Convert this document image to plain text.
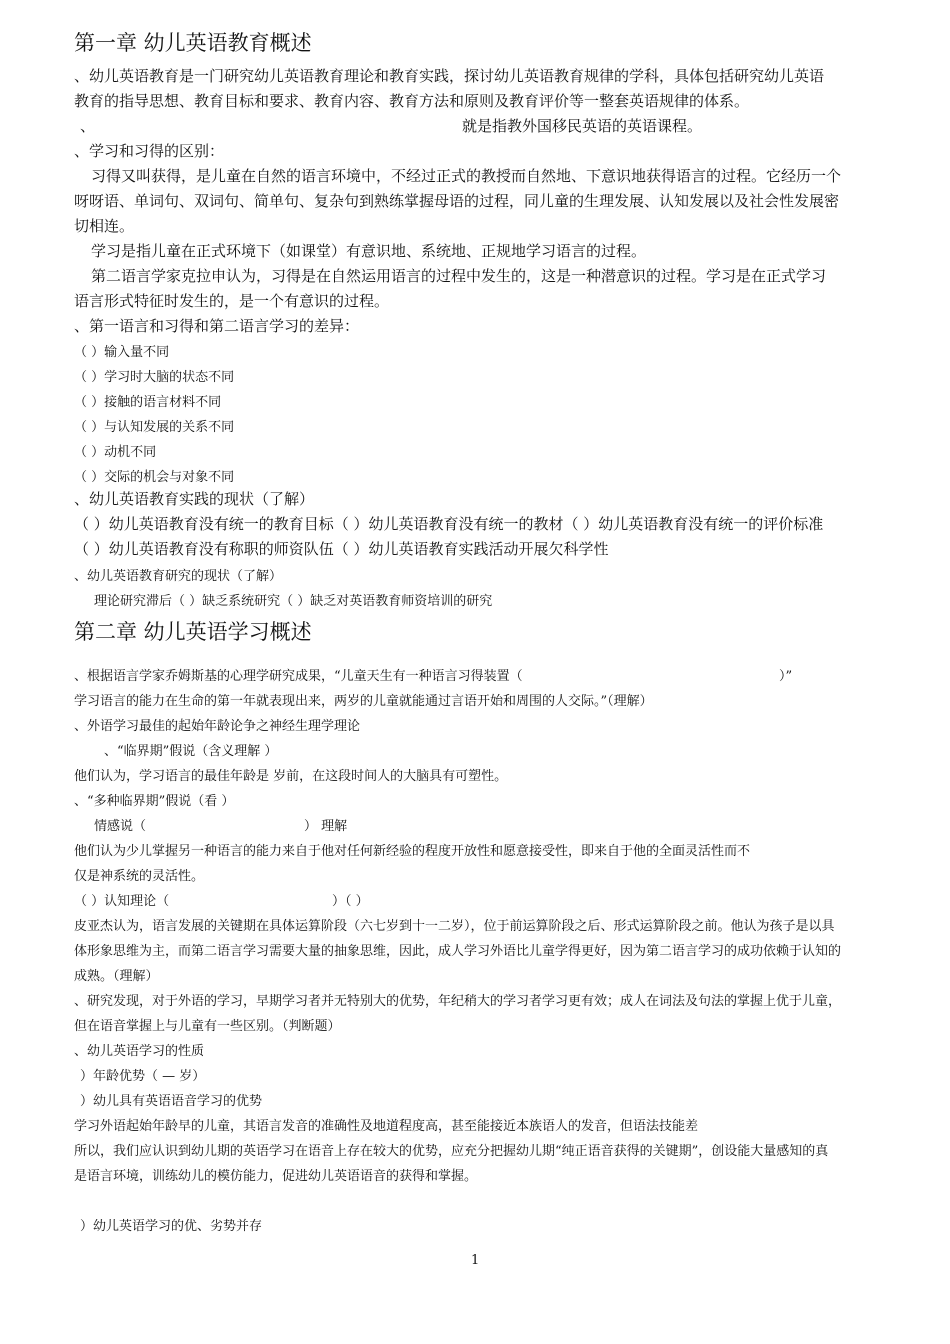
第一章 幼儿英语教育概述
、幼儿英语教育是一门研究幼儿英语教育理论和教育实践，探讨幼儿英语教育规律的学科，具体包括研究幼儿英语
教育的指导思想、教育目标和要求、教育内容、教育方法和原则及教育评价等一整套英语规律的体系。
、	就是指教外国移民英语的英语课程。
、学习和习得的区别：
习得又叫获得，是儿童在自然的语言环境中，不经过正式的教授而自然地、下意识地获得语言的过程。它经历一个
呀呀语、单词句、双词句、简单句、复杂句到熟练掌握母语的过程，同儿童的生理发展、认知发展以及社会性发展密
切相连。
学习是指儿童在正式环境下（如课堂）有意识地、系统地、正规地学习语言的过程。
第二语言学家克拉申认为，习得是在自然运用语言的过程中发生的，这是一种潜意识的过程。学习是在正式学习
语言形式特征时发生的，是一个有意识的过程。
、第一语言和习得和第二语言学习的差异：
（ ）输入量不同
（ ）学习时大脑的状态不同
（ ）接触的语言材料不同
（ ）与认知发展的关系不同
（ ）动机不同
（ ）交际的机会与对象不同
、幼儿英语教育实践的现状（了解）
（ ）幼儿英语教育没有统一的教育目标（ ）幼儿英语教育没有统一的教材（ ）幼儿英语教育没有统一的评价标准
（ ）幼儿英语教育没有称职的师资队伍（ ）幼儿英语教育实践活动开展欠科学性
、幼儿英语教育研究的现状（了解）
理论研究滞后（ ）缺乏系统研究（ ）缺乏对英语教育师资培训的研究
第二章 幼儿英语学习概述
、根据语言学家乔姆斯基的心理学研究成果，“儿童天生有一种语言习得装置（	）”
学习语言的能力在生命的第一年就表现出来，两岁的儿童就能通过言语开始和周围的人交际。”（理解）
、外语学习最佳的起始年龄论争之神经生理学理论
、“临界期”假说（含义理解 ）
他们认为，学习语言的最佳年龄是 岁前，在这段时间人的大脑具有可塑性。
、“多种临界期”假说（看 ）
情感说（	） 理解
他们认为少儿掌握另一种语言的能力来自于他对任何新经验的程度开放性和愿意接受性，即来自于他的全面灵活性而不
仅是神系统的灵活性。
（ ）认知理论（	）（ ）
皮亚杰认为，语言发展的关键期在具体运算阶段（六七岁到十一二岁），位于前运算阶段之后、形式运算阶段之前。他认为孩子是以具
体形象思维为主，而第二语言学习需要大量的抽象思维，因此，成人学习外语比儿童学得更好，因为第二语言学习的成功依赖于认知的
成熟。（理解）
、研究发现，对于外语的学习，早期学习者并无特别大的优势，年纪稍大的学习者学习更有效；成人在词法及句法的掌握上优于儿童，
但在语音掌握上与儿童有一些区别。（判断题）
、幼儿英语学习的性质
）年龄优势（ — 岁）
）幼儿具有英语语音学习的优势
学习外语起始年龄早的儿童，其语言发音的准确性及地道程度高，甚至能接近本族语人的发音，但语法技能差
所以，我们应认识到幼儿期的英语学习在语音上存在较大的优势，应充分把握幼儿期“纯正语音获得的关键期”，创设能大量感知的真
是语言环境，训练幼儿的模仿能力，促进幼儿英语语音的获得和掌握。
）幼儿英语学习的优、劣势并存
1
